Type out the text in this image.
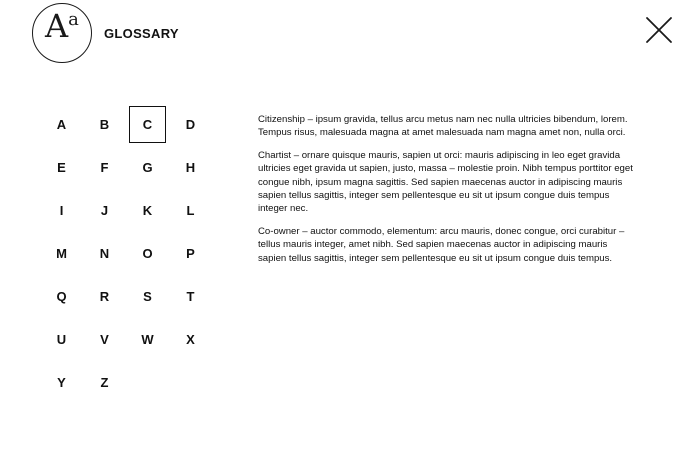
$A^a$
GLOSSARY
A	B	C	D
E	F	G	H
I	J	K	L
M	N	O	P
Q	R	S	T
U	V	W	X
Y	Z

Citizenship – ipsum gravida, tellus arcu metus nam nec nulla ultricies bibendum, lorem. Tempus risus, malesuada magna at amet malesuada nam magna amet non, nulla orci.

Chartist – ornare quisque mauris, sapien ut orci: mauris adipiscing in leo eget gravida ultricies eget gravida ut sapien, justo, massa – molestie proin. Nibh tempus porttitor eget congue nibh, ipsum magna sagittis. Sed sapien maecenas auctor in adipiscing mauris sapien tellus sagittis, integer sem pellentesque eu sit ut ipsum congue duis tempus integer nec.

Co-owner – auctor commodo, elementum: arcu mauris, donec congue, orci curabitur – tellus mauris integer, amet nibh. Sed sapien maecenas auctor in adipiscing mauris sapien tellus sagittis, integer sem pellentesque eu sit ut ipsum congue duis tempus.
